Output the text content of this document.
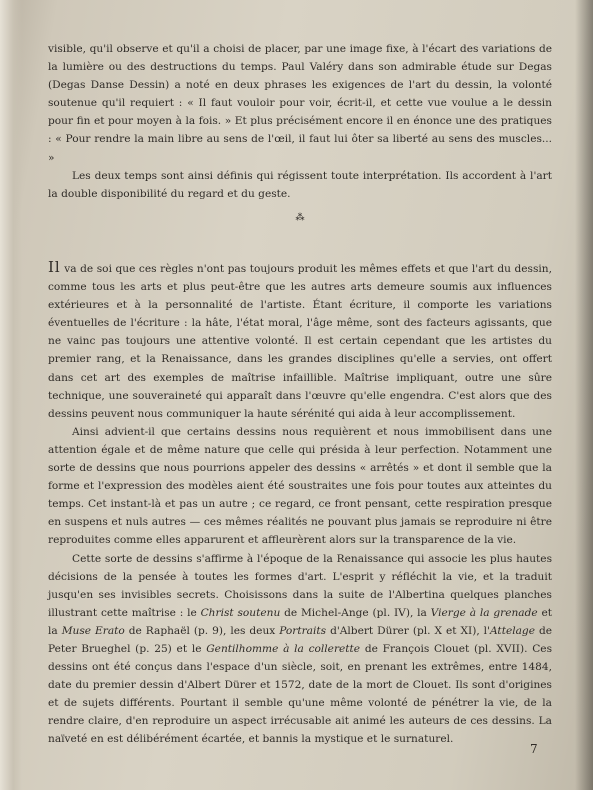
visible, qu'il observe et qu'il a choisi de placer, par une image fixe, à l'écart des variations de la lumière ou des destructions du temps. Paul Valéry dans son admirable étude sur Degas (Degas Danse Dessin) a noté en deux phrases les exigences de l'art du dessin, la volonté soutenue qu'il requiert : « Il faut vouloir pour voir, écrit-il, et cette vue voulue a le dessin pour fin et pour moyen à la fois. » Et plus précisément encore il en énonce une des pratiques : « Pour rendre la main libre au sens de l'œil, il faut lui ôter sa liberté au sens des muscles... »

Les deux temps sont ainsi définis qui régissent toute interprétation. Ils accordent à l'art la double disponibilité du regard et du geste.

⁂

Il va de soi que ces règles n'ont pas toujours produit les mêmes effets et que l'art du dessin, comme tous les arts et plus peut-être que les autres arts demeure soumis aux influences extérieures et à la personnalité de l'artiste. Étant écriture, il comporte les variations éventuelles de l'écriture : la hâte, l'état moral, l'âge même, sont des facteurs agissants, que ne vainc pas toujours une attentive volonté. Il est certain cependant que les artistes du premier rang, et la Renaissance, dans les grandes disciplines qu'elle a servies, ont offert dans cet art des exemples de maîtrise infaillible. Maîtrise impliquant, outre une sûre technique, une souveraineté qui apparaît dans l'œuvre qu'elle engendra. C'est alors que des dessins peuvent nous communiquer la haute sérénité qui aida à leur accomplissement.

Ainsi advient-il que certains dessins nous requièrent et nous immobilisent dans une attention égale et de même nature que celle qui présida à leur perfection. Notamment une sorte de dessins que nous pourrions appeler des dessins « arrêtés » et dont il semble que la forme et l'expression des modèles aient été soustraites une fois pour toutes aux atteintes du temps. Cet instant-là et pas un autre ; ce regard, ce front pensant, cette respiration presque en suspens et nuls autres — ces mêmes réalités ne pouvant plus jamais se reproduire ni être reproduites comme elles apparurent et affleurèrent alors sur la transparence de la vie.

Cette sorte de dessins s'affirme à l'époque de la Renaissance qui associe les plus hautes décisions de la pensée à toutes les formes d'art. L'esprit y réfléchit la vie, et la traduit jusqu'en ses invisibles secrets. Choisissons dans la suite de l'Albertina quelques planches illustrant cette maîtrise : le Christ soutenu de Michel-Ange (pl. IV), la Vierge à la grenade et la Muse Erato de Raphaël (p. 9), les deux Portraits d'Albert Dürer (pl. X et XI), l'Attelage de Peter Brueghel (p. 25) et le Gentilhomme à la collerette de François Clouet (pl. XVII). Ces dessins ont été conçus dans l'espace d'un siècle, soit, en prenant les extrêmes, entre 1484, date du premier dessin d'Albert Dürer et 1572, date de la mort de Clouet. Ils sont d'origines et de sujets différents. Pourtant il semble qu'une même volonté de pénétrer la vie, de la rendre claire, d'en reproduire un aspect irrécusable ait animé les auteurs de ces dessins. La naïveté en est délibérément écartée, et bannis la mystique et le surnaturel.

7
